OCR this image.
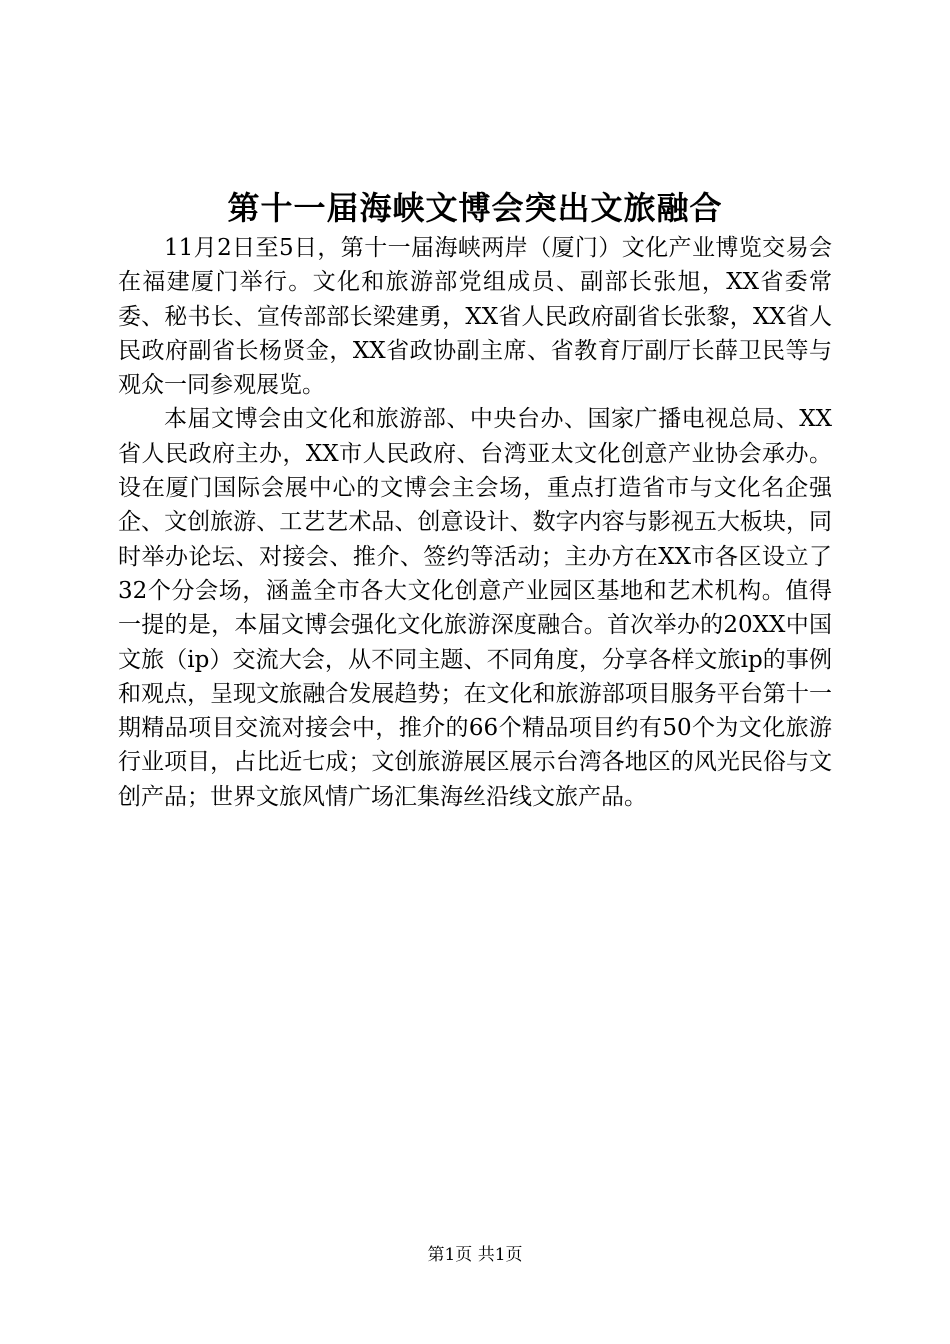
第十一届海峡文博会突出文旅融合

11月2日至5日，第十一届海峡两岸（厦门）文化产业博览交易会在福建厦门举行。文化和旅游部党组成员、副部长张旭，XX省委常委、秘书长、宣传部部长梁建勇，XX省人民政府副省长张黎，XX省人民政府副省长杨贤金，XX省政协副主席、省教育厅副厅长薛卫民等与观众一同参观展览。

本届文博会由文化和旅游部、中央台办、国家广播电视总局、XX省人民政府主办，XX市人民政府、台湾亚太文化创意产业协会承办。设在厦门国际会展中心的文博会主会场，重点打造省市与文化名企强企、文创旅游、工艺艺术品、创意设计、数字内容与影视五大板块，同时举办论坛、对接会、推介、签约等活动；主办方在XX市各区设立了32个分会场，涵盖全市各大文化创意产业园区基地和艺术机构。值得一提的是，本届文博会强化文化旅游深度融合。首次举办的20XX中国文旅（ip）交流大会，从不同主题、不同角度，分享各样文旅ip的事例和观点，呈现文旅融合发展趋势；在文化和旅游部项目服务平台第十一期精品项目交流对接会中，推介的66个精品项目约有50个为文化旅游行业项目，占比近七成；文创旅游展区展示台湾各地区的风光民俗与文创产品；世界文旅风情广场汇集海丝沿线文旅产品。

第1页 共1页
